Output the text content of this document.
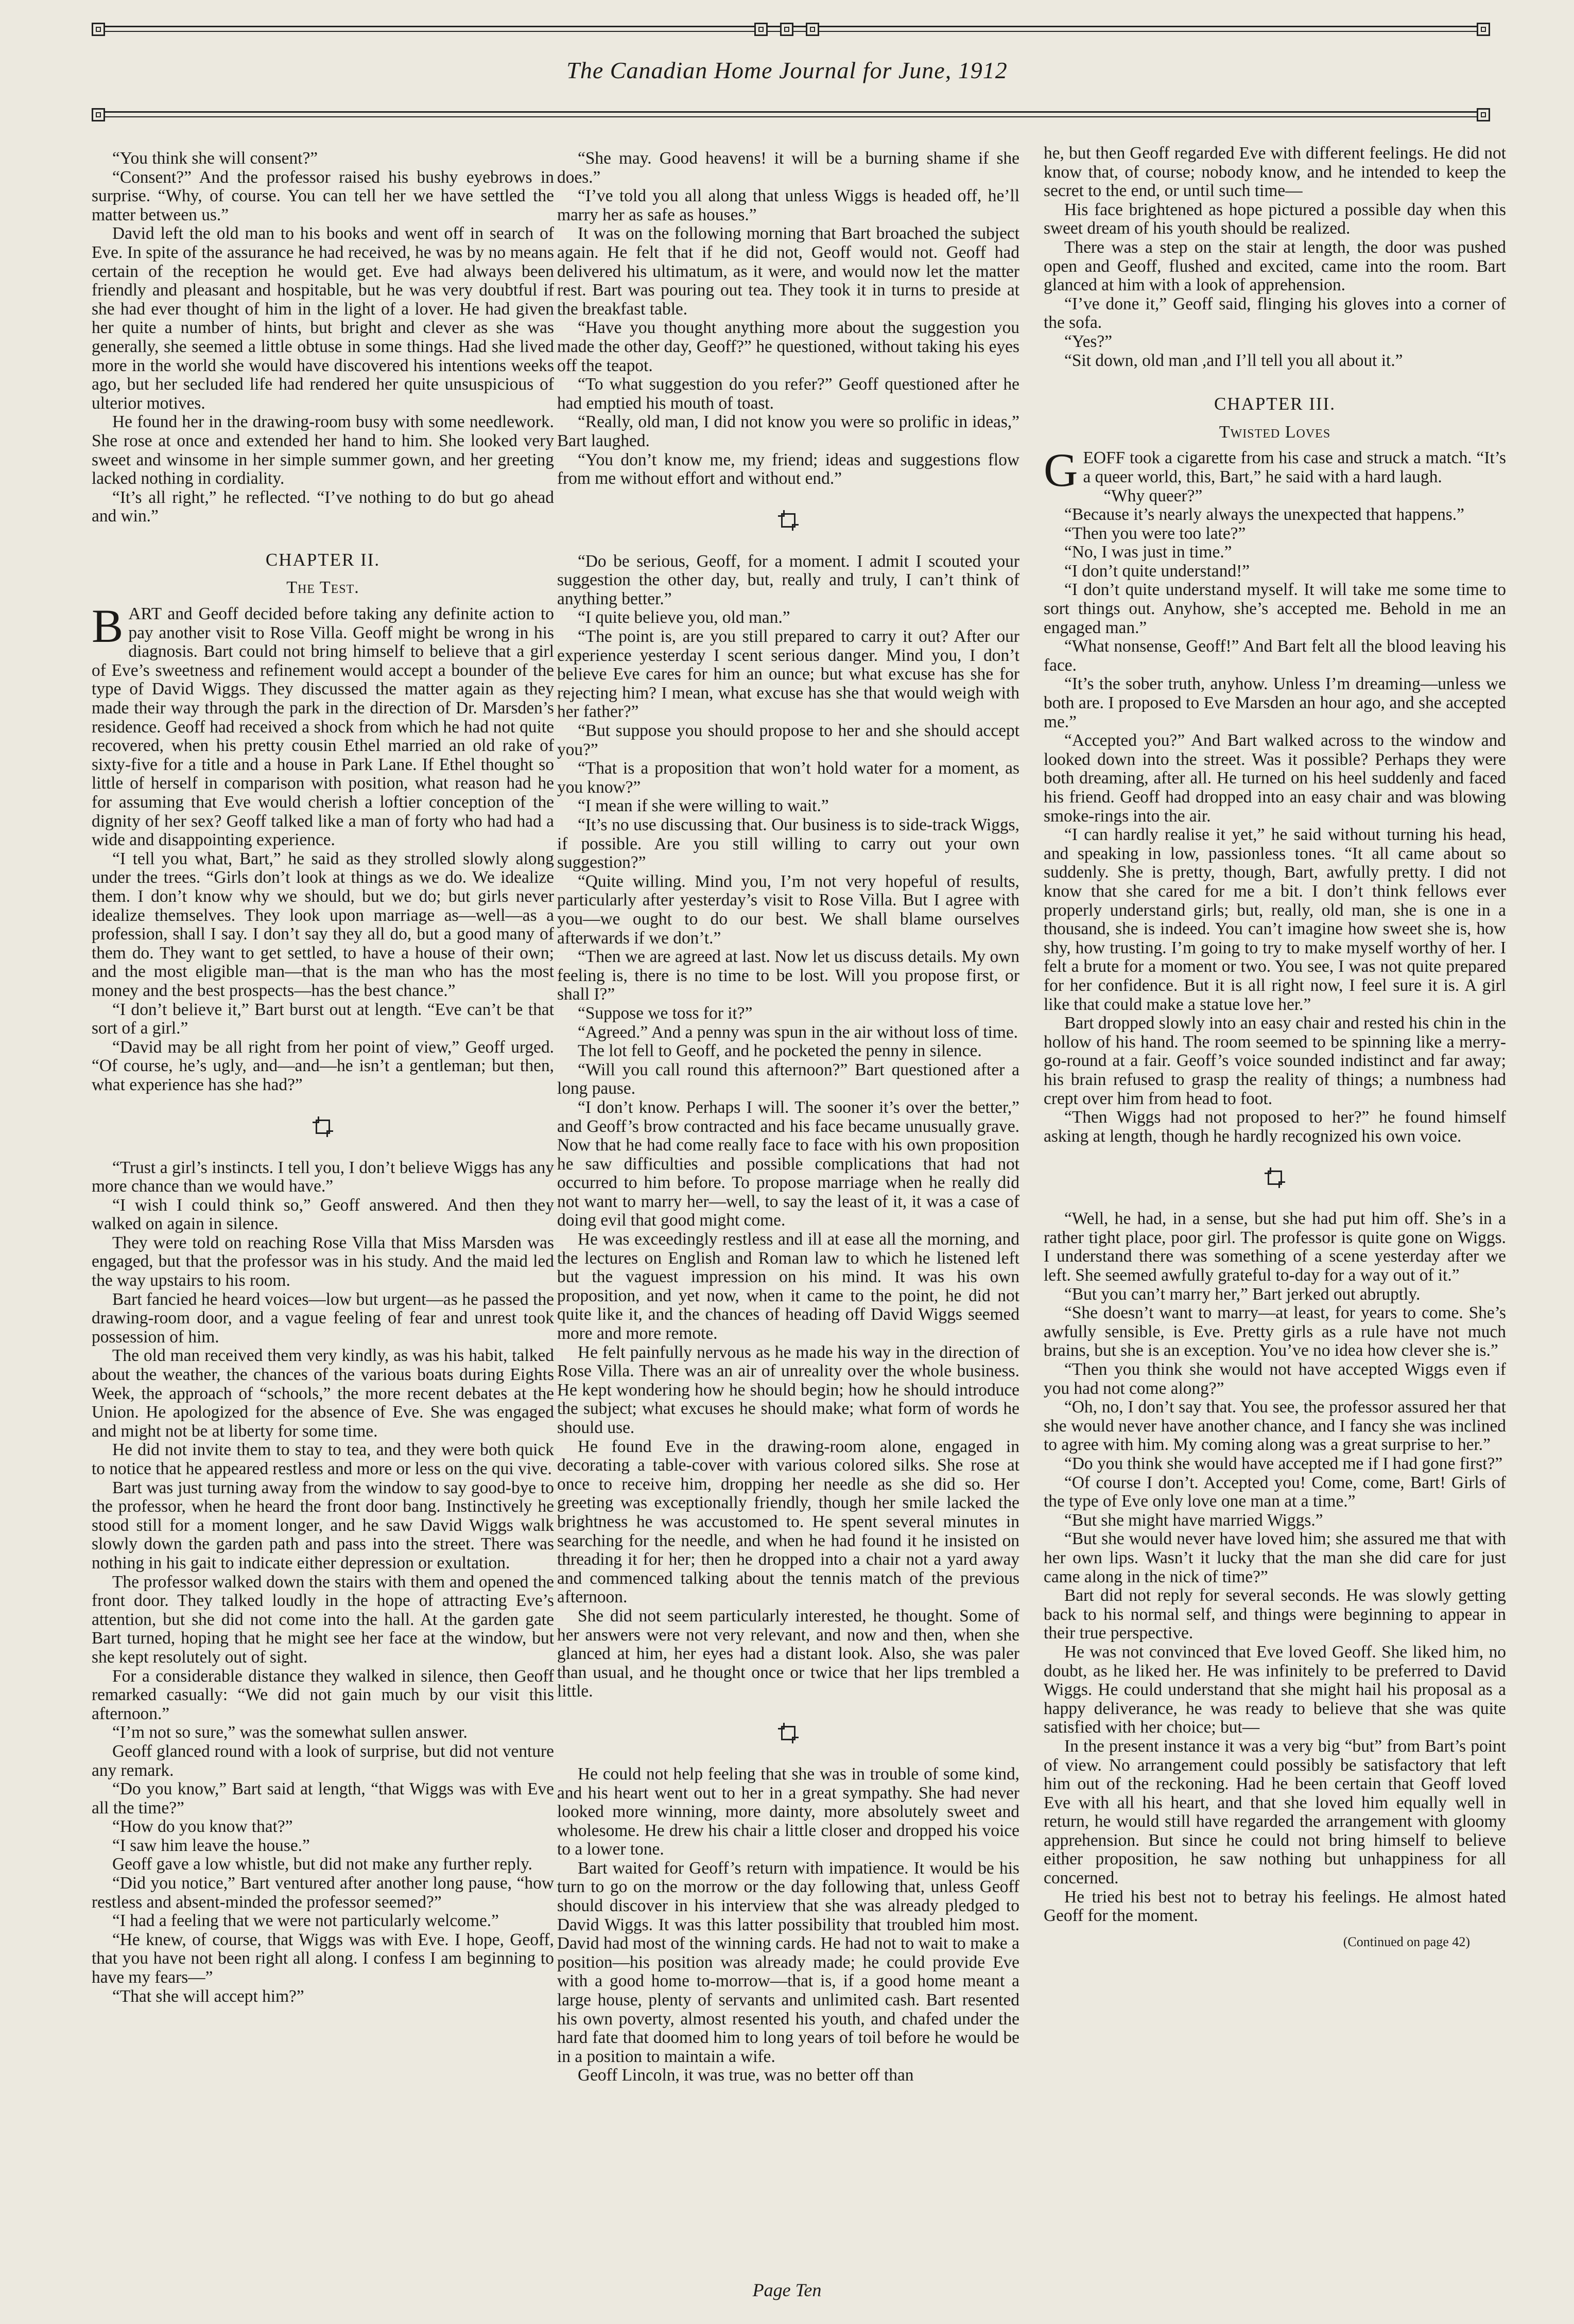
The Canadian Home Journal for June, 1912

“You think she will consent?”

“Consent?” And the professor raised his bushy eyebrows in surprise. “Why, of course. You can tell her we have settled the matter between us.”

David left the old man to his books and went off in search of Eve. In spite of the assurance he had received, he was by no means certain of the reception he would get. Eve had always been friendly and pleasant and hospitable, but he was very doubtful if she had ever thought of him in the light of a lover. He had given her quite a number of hints, but bright and clever as she was generally, she seemed a little obtuse in some things. Had she lived more in the world she would have discovered his intentions weeks ago, but her secluded life had rendered her quite unsuspicious of ulterior motives.

He found her in the drawing-room busy with some needlework. She rose at once and extended her hand to him. She looked very sweet and winsome in her simple summer gown, and her greeting lacked nothing in cordiality.

“It’s all right,” he reflected. “I’ve nothing to do but go ahead and win.”

CHAPTER II.
The Test.

BART and Geoff decided before taking any definite action to pay another visit to Rose Villa. Geoff might be wrong in his diagnosis. Bart could not bring himself to believe that a girl of Eve’s sweetness and refinement would accept a bounder of the type of David Wiggs. They discussed the matter again as they made their way through the park in the direction of Dr. Marsden’s residence. Geoff had received a shock from which he had not quite recovered, when his pretty cousin Ethel married an old rake of sixty-five for a title and a house in Park Lane. If Ethel thought so little of herself in comparison with position, what reason had he for assuming that Eve would cherish a loftier conception of the dignity of her sex? Geoff talked like a man of forty who had had a wide and disappointing experience.

“I tell you what, Bart,” he said as they strolled slowly along under the trees. “Girls don’t look at things as we do. We idealize them. I don’t know why we should, but we do; but girls never idealize themselves. They look upon marriage as—well—as a profession, shall I say. I don’t say they all do, but a good many of them do. They want to get settled, to have a house of their own; and the most eligible man—that is the man who has the most money and the best prospects—has the best chance.”

“I don’t believe it,” Bart burst out at length. “Eve can’t be that sort of a girl.”

“David may be all right from her point of view,” Geoff urged. “Of course, he’s ugly, and—and—he isn’t a gentleman; but then, what experience has she had?”

“Trust a girl’s instincts. I tell you, I don’t believe Wiggs has any more chance than we would have.”

“I wish I could think so,” Geoff answered. And then they walked on again in silence.

They were told on reaching Rose Villa that Miss Marsden was engaged, but that the professor was in his study. And the maid led the way upstairs to his room.

Bart fancied he heard voices—low but urgent—as he passed the drawing-room door, and a vague feeling of fear and unrest took possession of him.

The old man received them very kindly, as was his habit, talked about the weather, the chances of the various boats during Eights Week, the approach of “schools,” the more recent debates at the Union. He apologized for the absence of Eve. She was engaged and might not be at liberty for some time.

He did not invite them to stay to tea, and they were both quick to notice that he appeared restless and more or less on the qui vive.

Bart was just turning away from the window to say good-bye to the professor, when he heard the front door bang. Instinctively he stood still for a moment longer, and he saw David Wiggs walk slowly down the garden path and pass into the street. There was nothing in his gait to indicate either depression or exultation.

The professor walked down the stairs with them and opened the front door. They talked loudly in the hope of attracting Eve’s attention, but she did not come into the hall. At the garden gate Bart turned, hoping that he might see her face at the window, but she kept resolutely out of sight.

For a considerable distance they walked in silence, then Geoff remarked casually: “We did not gain much by our visit this afternoon.”

“I’m not so sure,” was the somewhat sullen answer.

Geoff glanced round with a look of surprise, but did not venture any remark.

“Do you know,” Bart said at length, “that Wiggs was with Eve all the time?”

“How do you know that?”

“I saw him leave the house.”

Geoff gave a low whistle, but did not make any further reply.

“Did you notice,” Bart ventured after another long pause, “how restless and absent-minded the professor seemed?”

“I had a feeling that we were not particularly welcome.”

“He knew, of course, that Wiggs was with Eve. I hope, Geoff, that you have not been right all along. I confess I am beginning to have my fears—”

“That she will accept him?”

“She may. Good heavens! it will be a burning shame if she does.”

“I’ve told you all along that unless Wiggs is headed off, he’ll marry her as safe as houses.”

It was on the following morning that Bart broached the subject again. He felt that if he did not, Geoff would not. Geoff had delivered his ultimatum, as it were, and would now let the matter rest. Bart was pouring out tea. They took it in turns to preside at the breakfast table.

“Have you thought anything more about the suggestion you made the other day, Geoff?” he questioned, without taking his eyes off the teapot.

“To what suggestion do you refer?” Geoff questioned after he had emptied his mouth of toast.

“Really, old man, I did not know you were so prolific in ideas,” Bart laughed.

“You don’t know me, my friend; ideas and suggestions flow from me without effort and without end.”

“Do be serious, Geoff, for a moment. I admit I scouted your suggestion the other day, but, really and truly, I can’t think of anything better.”

“I quite believe you, old man.”

“The point is, are you still prepared to carry it out? After our experience yesterday I scent serious danger. Mind you, I don’t believe Eve cares for him an ounce; but what excuse has she for rejecting him? I mean, what excuse has she that would weigh with her father?”

“But suppose you should propose to her and she should accept you?”

“That is a proposition that won’t hold water for a moment, as you know?”

“I mean if she were willing to wait.”

“It’s no use discussing that. Our business is to side-track Wiggs, if possible. Are you still willing to carry out your own suggestion?”

“Quite willing. Mind you, I’m not very hopeful of results, particularly after yesterday’s visit to Rose Villa. But I agree with you—we ought to do our best. We shall blame ourselves afterwards if we don’t.”

“Then we are agreed at last. Now let us discuss details. My own feeling is, there is no time to be lost. Will you propose first, or shall I?”

“Suppose we toss for it?”

“Agreed.” And a penny was spun in the air without loss of time.

The lot fell to Geoff, and he pocketed the penny in silence.

“Will you call round this afternoon?” Bart questioned after a long pause.

“I don’t know. Perhaps I will. The sooner it’s over the better,” and Geoff’s brow contracted and his face became unusually grave. Now that he had come really face to face with his own proposition he saw difficulties and possible complications that had not occurred to him before. To propose marriage when he really did not want to marry her—well, to say the least of it, it was a case of doing evil that good might come.

He was exceedingly restless and ill at ease all the morning, and the lectures on English and Roman law to which he listened left but the vaguest impression on his mind. It was his own proposition, and yet now, when it came to the point, he did not quite like it, and the chances of heading off David Wiggs seemed more and more remote.

He felt painfully nervous as he made his way in the direction of Rose Villa. There was an air of unreality over the whole business. He kept wondering how he should begin; how he should introduce the subject; what excuses he should make; what form of words he should use.

He found Eve in the drawing-room alone, engaged in decorating a table-cover with various colored silks. She rose at once to receive him, dropping her needle as she did so. Her greeting was exceptionally friendly, though her smile lacked the brightness he was accustomed to. He spent several minutes in searching for the needle, and when he had found it he insisted on threading it for her; then he dropped into a chair not a yard away and commenced talking about the tennis match of the previous afternoon.

She did not seem particularly interested, he thought. Some of her answers were not very relevant, and now and then, when she glanced at him, her eyes had a distant look. Also, she was paler than usual, and he thought once or twice that her lips trembled a little.

He could not help feeling that she was in trouble of some kind, and his heart went out to her in a great sympathy. She had never looked more winning, more dainty, more absolutely sweet and wholesome. He drew his chair a little closer and dropped his voice to a lower tone.

Bart waited for Geoff’s return with impatience. It would be his turn to go on the morrow or the day following that, unless Geoff should discover in his interview that she was already pledged to David Wiggs. It was this latter possibility that troubled him most. David had most of the winning cards. He had not to wait to make a position—his position was already made; he could provide Eve with a good home to-morrow—that is, if a good home meant a large house, plenty of servants and unlimited cash. Bart resented his own poverty, almost resented his youth, and chafed under the hard fate that doomed him to long years of toil before he would be in a position to maintain a wife.

Geoff Lincoln, it was true, was no better off than

he, but then Geoff regarded Eve with different feelings. He did not know that, of course; nobody know, and he intended to keep the secret to the end, or until such time—

His face brightened as hope pictured a possible day when this sweet dream of his youth should be realized.

There was a step on the stair at length, the door was pushed open and Geoff, flushed and excited, came into the room. Bart glanced at him with a look of apprehension.

“I’ve done it,” Geoff said, flinging his gloves into a corner of the sofa.

“Yes?”

“Sit down, old man ,and I’ll tell you all about it.”

CHAPTER III.
Twisted Loves

GEOFF took a cigarette from his case and struck a match. “It’s a queer world, this, Bart,” he said with a hard laugh.

“Why queer?”

“Because it’s nearly always the unexpected that happens.”

“Then you were too late?”

“No, I was just in time.”

“I don’t quite understand!”

“I don’t quite understand myself. It will take me some time to sort things out. Anyhow, she’s accepted me. Behold in me an engaged man.”

“What nonsense, Geoff!” And Bart felt all the blood leaving his face.

“It’s the sober truth, anyhow. Unless I’m dreaming—unless we both are. I proposed to Eve Marsden an hour ago, and she accepted me.”

“Accepted you?” And Bart walked across to the window and looked down into the street. Was it possible? Perhaps they were both dreaming, after all. He turned on his heel suddenly and faced his friend. Geoff had dropped into an easy chair and was blowing smoke-rings into the air.

“I can hardly realise it yet,” he said without turning his head, and speaking in low, passionless tones. “It all came about so suddenly. She is pretty, though, Bart, awfully pretty. I did not know that she cared for me a bit. I don’t think fellows ever properly understand girls; but, really, old man, she is one in a thousand, she is indeed. You can’t imagine how sweet she is, how shy, how trusting. I’m going to try to make myself worthy of her. I felt a brute for a moment or two. You see, I was not quite prepared for her confidence. But it is all right now, I feel sure it is. A girl like that could make a statue love her.”

Bart dropped slowly into an easy chair and rested his chin in the hollow of his hand. The room seemed to be spinning like a merry-go-round at a fair. Geoff’s voice sounded indistinct and far away; his brain refused to grasp the reality of things; a numbness had crept over him from head to foot.

“Then Wiggs had not proposed to her?” he found himself asking at length, though he hardly recognized his own voice.

“Well, he had, in a sense, but she had put him off. She’s in a rather tight place, poor girl. The professor is quite gone on Wiggs. I understand there was something of a scene yesterday after we left. She seemed awfully grateful to-day for a way out of it.”

“But you can’t marry her,” Bart jerked out abruptly.

“She doesn’t want to marry—at least, for years to come. She’s awfully sensible, is Eve. Pretty girls as a rule have not much brains, but she is an exception. You’ve no idea how clever she is.”

“Then you think she would not have accepted Wiggs even if you had not come along?”

“Oh, no, I don’t say that. You see, the professor assured her that she would never have another chance, and I fancy she was inclined to agree with him. My coming along was a great surprise to her.”

“Do you think she would have accepted me if I had gone first?”

“Of course I don’t. Accepted you! Come, come, Bart! Girls of the type of Eve only love one man at a time.”

“But she might have married Wiggs.”

“But she would never have loved him; she assured me that with her own lips. Wasn’t it lucky that the man she did care for just came along in the nick of time?”

Bart did not reply for several seconds. He was slowly getting back to his normal self, and things were beginning to appear in their true perspective.

He was not convinced that Eve loved Geoff. She liked him, no doubt, as he liked her. He was infinitely to be preferred to David Wiggs. He could understand that she might hail his proposal as a happy deliverance, he was ready to believe that she was quite satisfied with her choice; but—

In the present instance it was a very big “but” from Bart’s point of view. No arrangement could possibly be satisfactory that left him out of the reckoning. Had he been certain that Geoff loved Eve with all his heart, and that she loved him equally well in return, he would still have regarded the arrangement with gloomy apprehension. But since he could not bring himself to believe either proposition, he saw nothing but unhappiness for all concerned.

He tried his best not to betray his feelings. He almost hated Geoff for the moment.

(Continued on page 42)
Page Ten
